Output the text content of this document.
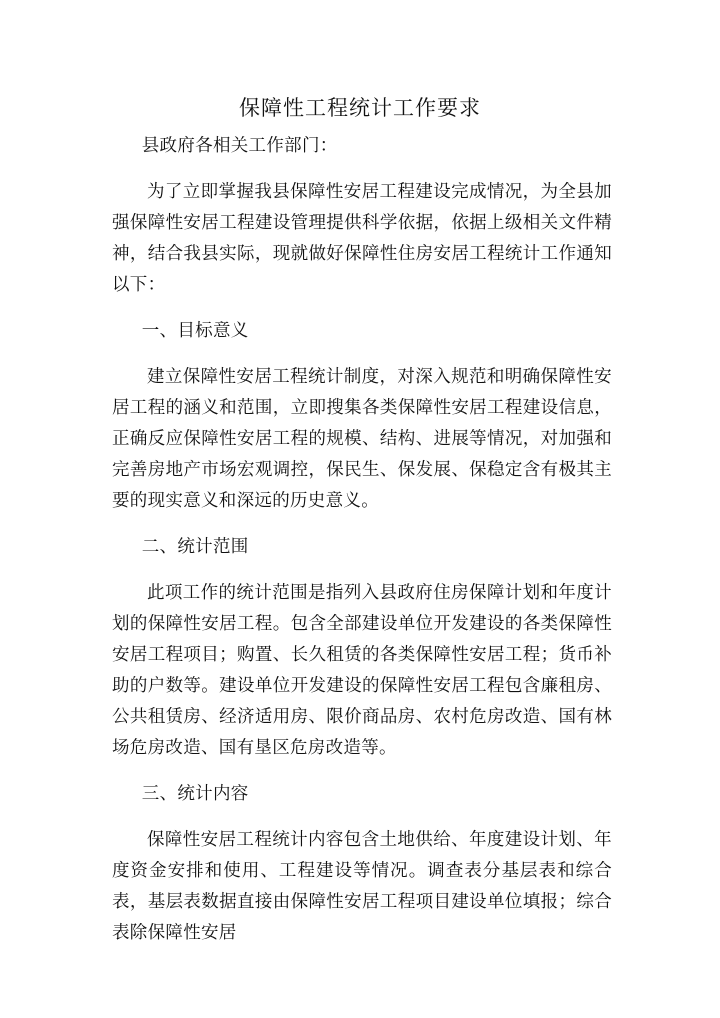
保障性工程统计工作要求

县政府各相关工作部门：

为了立即掌握我县保障性安居工程建设完成情况，为全县加强保障性安居工程建设管理提供科学依据，依据上级相关文件精神，结合我县实际，现就做好保障性住房安居工程统计工作通知以下：

一、目标意义

建立保障性安居工程统计制度，对深入规范和明确保障性安居工程的涵义和范围，立即搜集各类保障性安居工程建设信息，正确反应保障性安居工程的规模、结构、进展等情况，对加强和完善房地产市场宏观调控，保民生、保发展、保稳定含有极其主要的现实意义和深远的历史意义。

二、统计范围

此项工作的统计范围是指列入县政府住房保障计划和年度计划的保障性安居工程。包含全部建设单位开发建设的各类保障性安居工程项目；购置、长久租赁的各类保障性安居工程；货币补助的户数等。建设单位开发建设的保障性安居工程包含廉租房、公共租赁房、经济适用房、限价商品房、农村危房改造、国有林场危房改造、国有垦区危房改造等。

三、统计内容

保障性安居工程统计内容包含土地供给、年度建设计划、年度资金安排和使用、工程建设等情况。调查表分基层表和综合表，基层表数据直接由保障性安居工程项目建设单位填报；综合表除保障性安居
